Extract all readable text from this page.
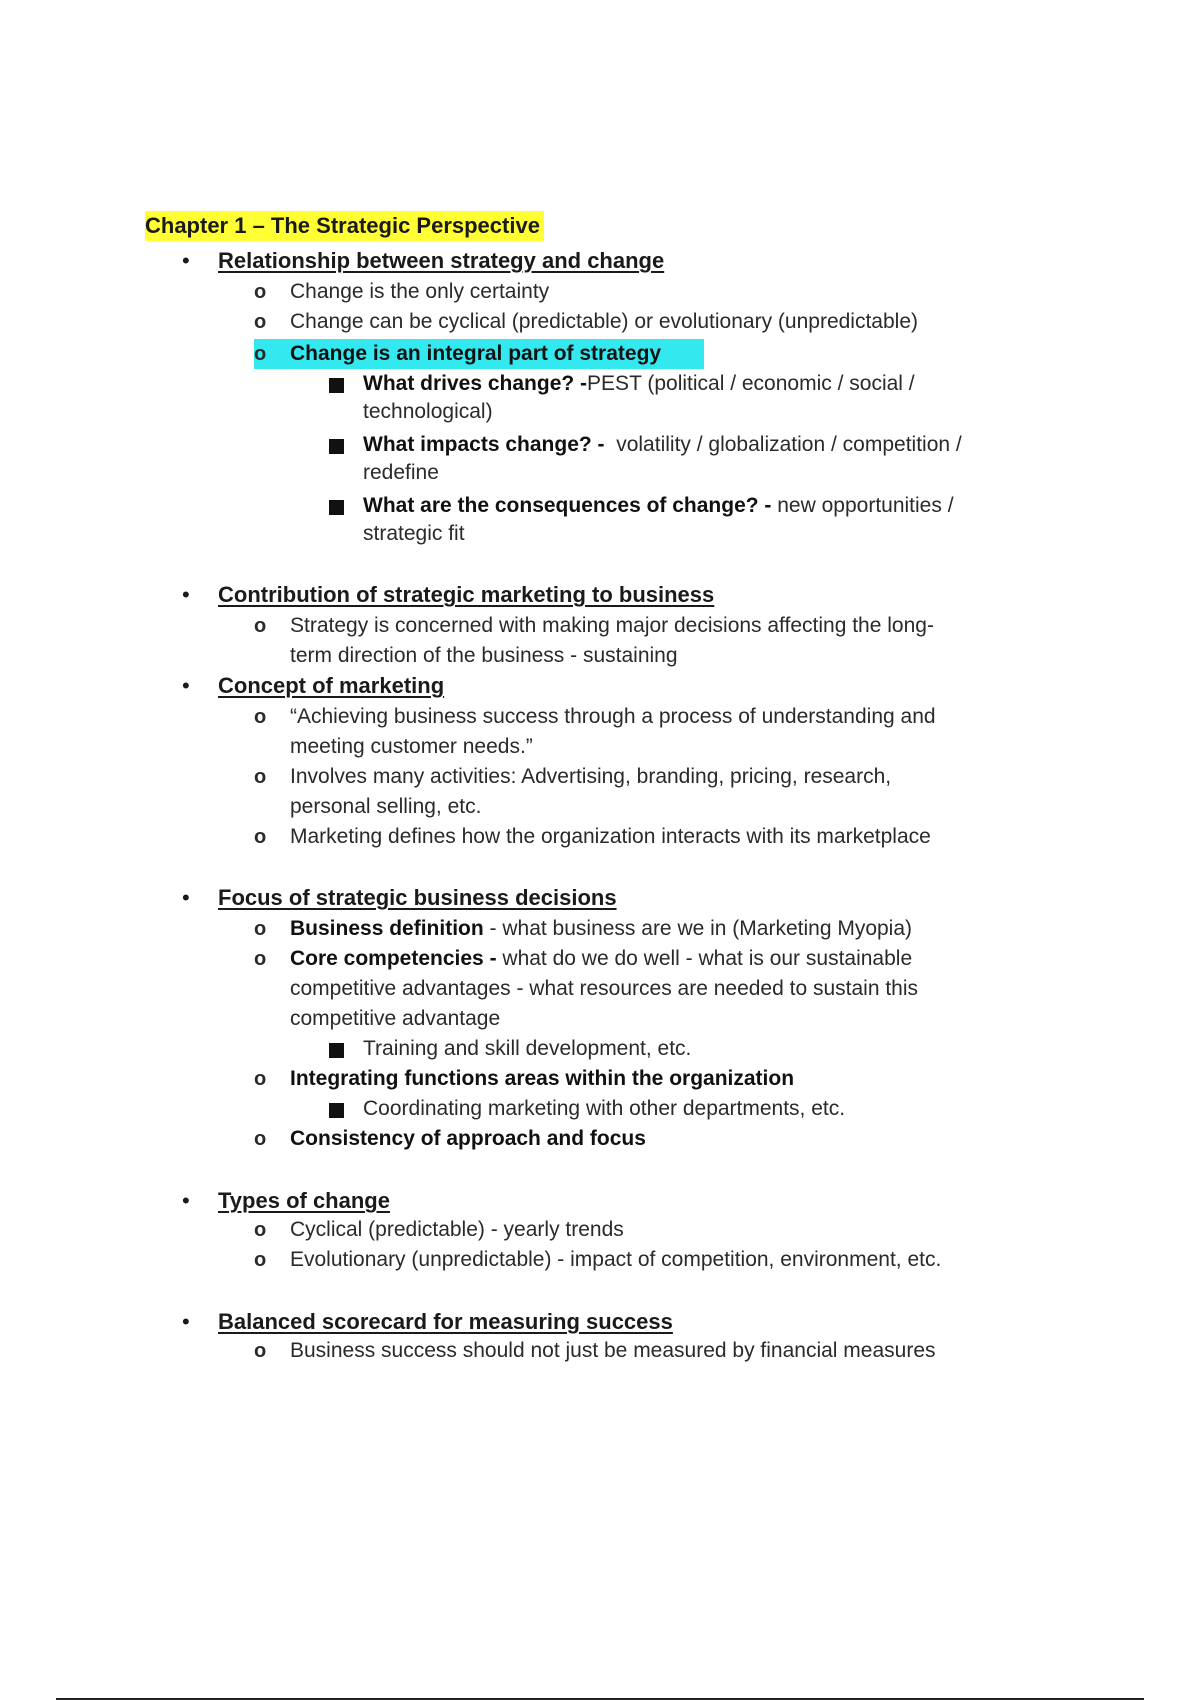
Chapter 1 – The Strategic Perspective
• Relationship between strategy and change
o Change is the only certainty
o Change can be cyclical (predictable) or evolutionary (unpredictable)
o Change is an integral part of strategy
What drives change? -PEST (political / economic / social /
technological)
What impacts change? -  volatility / globalization / competition /
redefine
What are the consequences of change? - new opportunities /
strategic fit
• Contribution of strategic marketing to business
o Strategy is concerned with making major decisions affecting the long-
term direction of the business - sustaining
• Concept of marketing
o “Achieving business success through a process of understanding and
meeting customer needs.”
o Involves many activities: Advertising, branding, pricing, research,
personal selling, etc.
o Marketing defines how the organization interacts with its marketplace
• Focus of strategic business decisions
o Business definition - what business are we in (Marketing Myopia)
o Core competencies - what do we do well - what is our sustainable
competitive advantages - what resources are needed to sustain this
competitive advantage
Training and skill development, etc.
o Integrating functions areas within the organization
Coordinating marketing with other departments, etc.
o Consistency of approach and focus
• Types of change
o Cyclical (predictable) - yearly trends
o Evolutionary (unpredictable) - impact of competition, environment, etc.
• Balanced scorecard for measuring success
o Business success should not just be measured by financial measures
